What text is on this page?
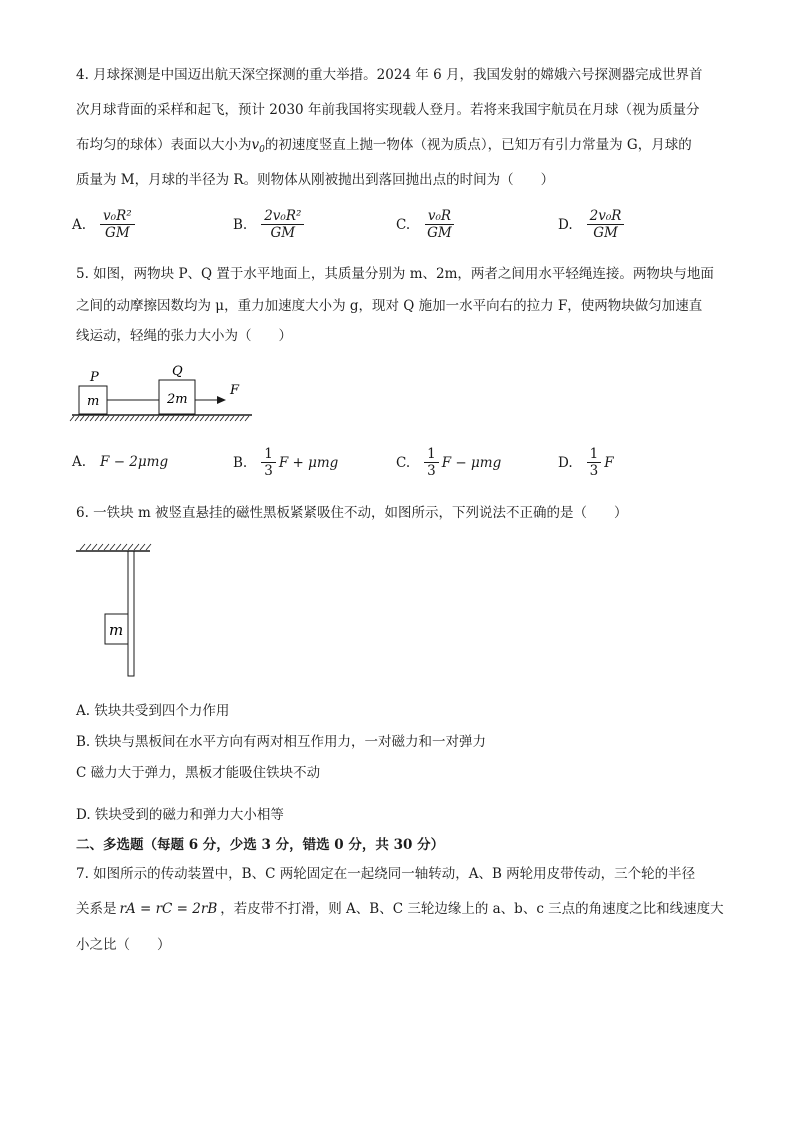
4. 月球探测是中国迈出航天深空探测的重大举措。2024 年 6 月，我国发射的嫦娥六号探测器完成世界首
次月球背面的采样和起飞，预计 2030 年前我国将实现载人登月。若将来我国宇航员在月球（视为质量分
布均匀的球体）表面以大小为$v_0$的初速度竖直上抛一物体（视为质点），已知万有引力常量为 G，月球的
质量为 M，月球的半径为 R。则物体从刚被抛出到落回抛出点的时间为（　　）
A. $\frac{\text{v₀R²}}{GM}$	B. $\frac{\text{2v₀R²}}{GM}$	C. $\frac{\text{v₀R}}{GM}$	D. $\frac{\text{2v₀R}}{GM}$
5. 如图，两物块 P、Q 置于水平地面上，其质量分别为 m、2m，两者之间用水平轻绳连接。两物块与地面
之间的动摩擦因数均为 μ，重力加速度大小为 g，现对 Q 施加一水平向右的拉力 F，使两物块做匀加速直
线运动，轻绳的张力大小为（　　）
P	Q
m	2m
F
A. F − 2μmg	B. $\frac{1}{3}$ F + μmg	C. $\frac{1}{3}$ F − μmg	D. $\frac{1}{3}$ F
6. 一铁块 m 被竖直悬挂的磁性黑板紧紧吸住不动，如图所示，下列说法不正确的是（　　）
m
A. 铁块共受到四个力作用
B. 铁块与黑板间在水平方向有两对相互作用力，一对磁力和一对弹力
C 磁力大于弹力，黑板才能吸住铁块不动
D. 铁块受到的磁力和弹力大小相等
二、多选题（每题 6 分，少选 3 分，错选 0 分，共 30 分）
7. 如图所示的传动装置中，B、C 两轮固定在一起绕同一轴转动，A、B 两轮用皮带传动，三个轮的半径
关系是 rA = rC = 2rB ，若皮带不打滑，则 A、B、C 三轮边缘上的 a、b、c 三点的角速度之比和线速度大
小之比（　　）
